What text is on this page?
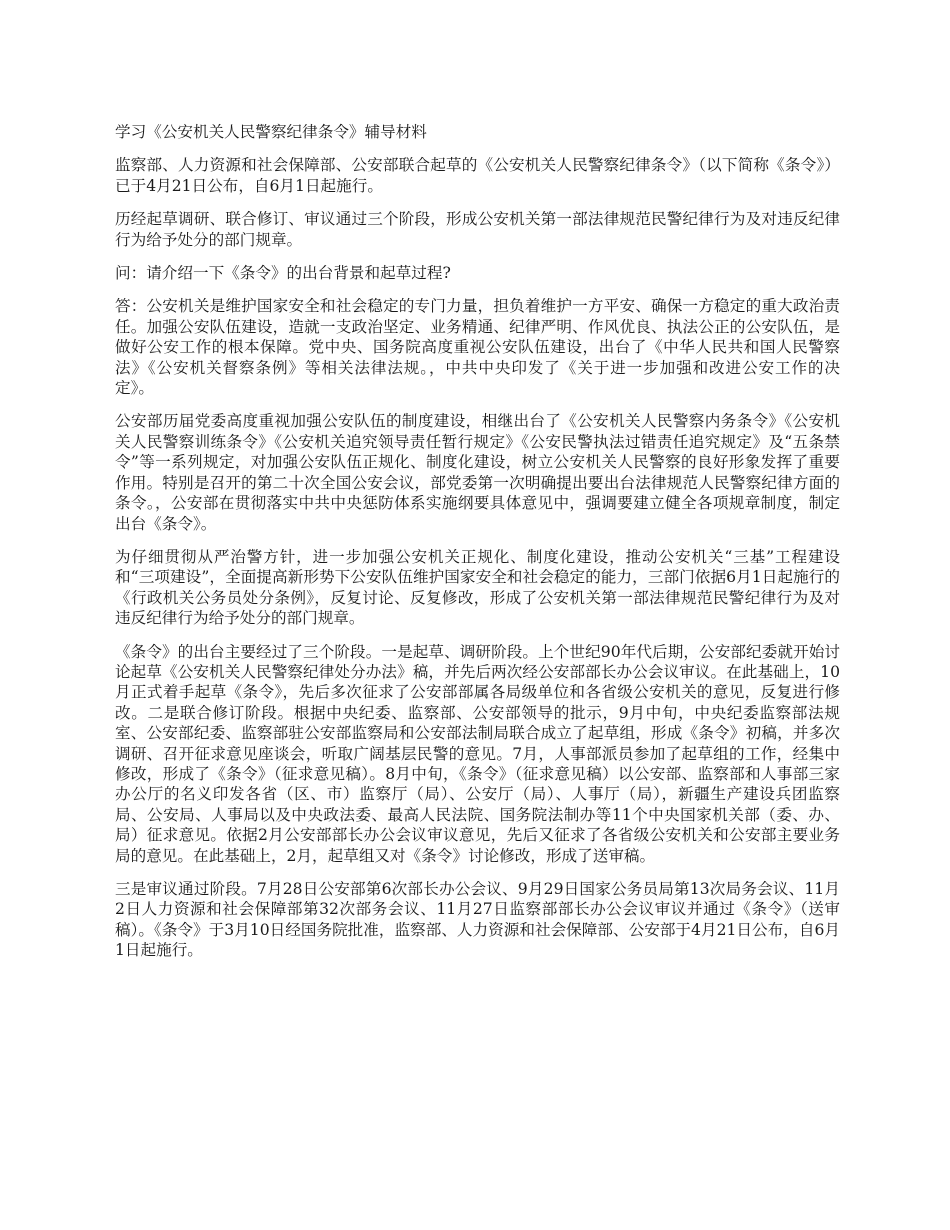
学习《公安机关人民警察纪律条令》辅导材料

监察部、人力资源和社会保障部、公安部联合起草的《公安机关人民警察纪律条令》（以下简称《条令》）已于4月21日公布，自6月1日起施行。

历经起草调研、联合修订、审议通过三个阶段，形成公安机关第一部法律规范民警纪律行为及对违反纪律行为给予处分的部门规章。

问：请介绍一下《条令》的出台背景和起草过程?

答：公安机关是维护国家安全和社会稳定的专门力量，担负着维护一方平安、确保一方稳定的重大政治责任。加强公安队伍建设，造就一支政治坚定、业务精通、纪律严明、作风优良、执法公正的公安队伍，是做好公安工作的根本保障。党中央、国务院高度重视公安队伍建设，出台了《中华人民共和国人民警察法》《公安机关督察条例》等相关法律法规。，中共中央印发了《关于进一步加强和改进公安工作的决定》。

公安部历届党委高度重视加强公安队伍的制度建设，相继出台了《公安机关人民警察内务条令》《公安机关人民警察训练条令》《公安机关追究领导责任暂行规定》《公安民警执法过错责任追究规定》及“五条禁令”等一系列规定，对加强公安队伍正规化、制度化建设，树立公安机关人民警察的良好形象发挥了重要作用。特别是召开的第二十次全国公安会议，部党委第一次明确提出要出台法律规范人民警察纪律方面的条令。，公安部在贯彻落实中共中央惩防体系实施纲要具体意见中，强调要建立健全各项规章制度，制定出台《条令》。

为仔细贯彻从严治警方针，进一步加强公安机关正规化、制度化建设，推动公安机关“三基”工程建设和“三项建设”，全面提高新形势下公安队伍维护国家安全和社会稳定的能力，三部门依据6月1日起施行的《行政机关公务员处分条例》，反复讨论、反复修改，形成了公安机关第一部法律规范民警纪律行为及对违反纪律行为给予处分的部门规章。

《条令》的出台主要经过了三个阶段。一是起草、调研阶段。上个世纪90年代后期，公安部纪委就开始讨论起草《公安机关人民警察纪律处分办法》稿，并先后两次经公安部部长办公会议审议。在此基础上，10月正式着手起草《条令》，先后多次征求了公安部部属各局级单位和各省级公安机关的意见，反复进行修改。二是联合修订阶段。根据中央纪委、监察部、公安部领导的批示，9月中旬，中央纪委监察部法规室、公安部纪委、监察部驻公安部监察局和公安部法制局联合成立了起草组，形成《条令》初稿，并多次调研、召开征求意见座谈会，听取广阔基层民警的意见。7月，人事部派员参加了起草组的工作，经集中修改，形成了《条令》（征求意见稿）。8月中旬，《条令》（征求意见稿）以公安部、监察部和人事部三家办公厅的名义印发各省（区、市）监察厅（局）、公安厅（局）、人事厅（局），新疆生产建设兵团监察局、公安局、人事局以及中央政法委、最高人民法院、国务院法制办等11个中央国家机关部（委、办、局）征求意见。依据2月公安部部长办公会议审议意见，先后又征求了各省级公安机关和公安部主要业务局的意见。在此基础上，2月，起草组又对《条令》讨论修改，形成了送审稿。

三是审议通过阶段。7月28日公安部第6次部长办公会议、9月29日国家公务员局第13次局务会议、11月2日人力资源和社会保障部第32次部务会议、11月27日监察部部长办公会议审议并通过《条令》（送审稿）。《条令》于3月10日经国务院批准，监察部、人力资源和社会保障部、公安部于4月21日公布，自6月1日起施行。
